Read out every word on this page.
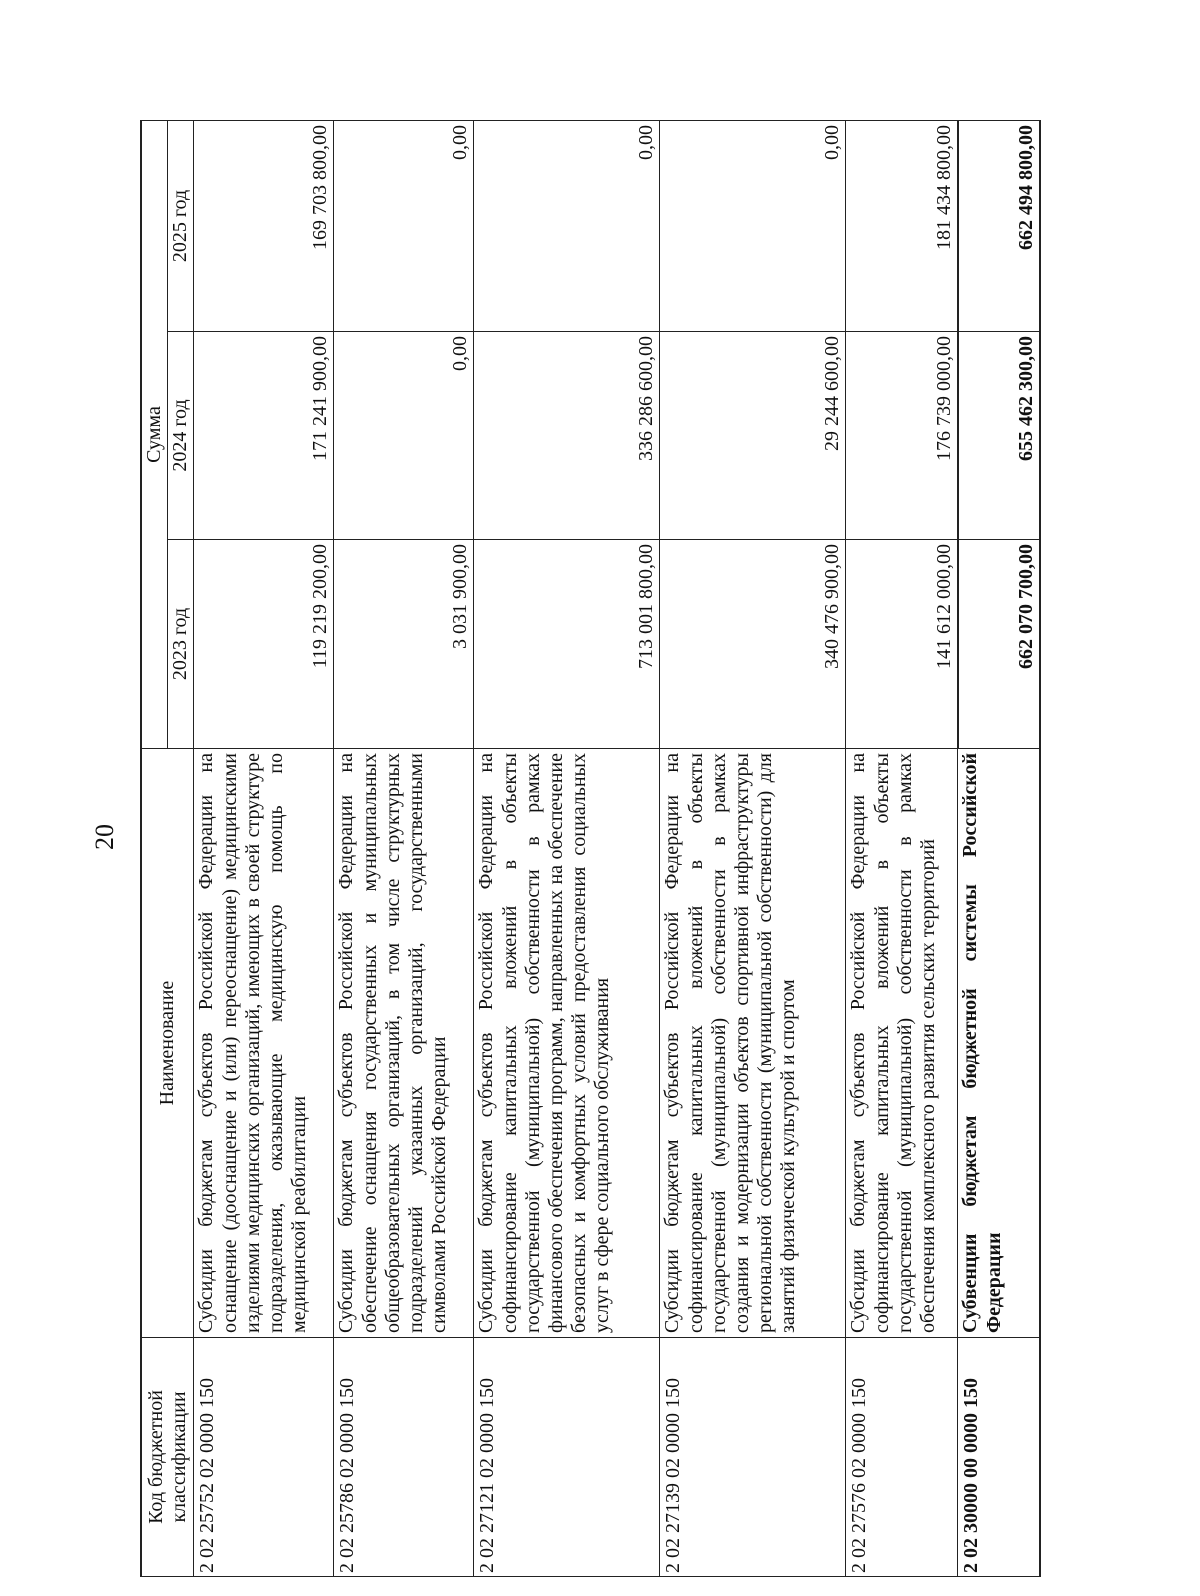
20
Код бюджетной классификации	Наименование	Сумма		
		2023 год	2024 год	2025 год
2 02 25752 02 0000 150	Субсидии бюджетам субъектов Российской Федерации на оснащение (дооснащение и (или) переоснащение) медицинскими изделиями медицинских организаций, имеющих в своей структуре подразделения, оказывающие медицинскую помощь по медицинской реабилитации	119 219 200,00	171 241 900,00	169 703 800,00
2 02 25786 02 0000 150	Субсидии бюджетам субъектов Российской Федерации на обеспечение оснащения государственных и муниципальных общеобразовательных организаций, в том числе структурных подразделений указанных организаций, государственными символами Российской Федерации	3 031 900,00	0,00	0,00
2 02 27121 02 0000 150	Субсидии бюджетам субъектов Российской Федерации на софинансирование капитальных вложений в объекты государственной (муниципальной) собственности в рамках финансового обеспечения программ, направленных на обеспечение безопасных и комфортных условий предоставления социальных услуг в сфере социального обслуживания	713 001 800,00	336 286 600,00	0,00
2 02 27139 02 0000 150	Субсидии бюджетам субъектов Российской Федерации на софинансирование капитальных вложений в объекты государственной (муниципальной) собственности в рамках создания и модернизации объектов спортивной инфраструктуры региональной собственности (муниципальной собственности) для занятий физической культурой и спортом	340 476 900,00	29 244 600,00	0,00
2 02 27576 02 0000 150	Субсидии бюджетам субъектов Российской Федерации на софинансирование капитальных вложений в объекты государственной (муниципальной) собственности в рамках обеспечения комплексного развития сельских территорий	141 612 000,00	176 739 000,00	181 434 800,00
2 02 30000 00 0000 150	Субвенции бюджетам бюджетной системы Российской Федерации	662 070 700,00	655 462 300,00	662 494 800,00
